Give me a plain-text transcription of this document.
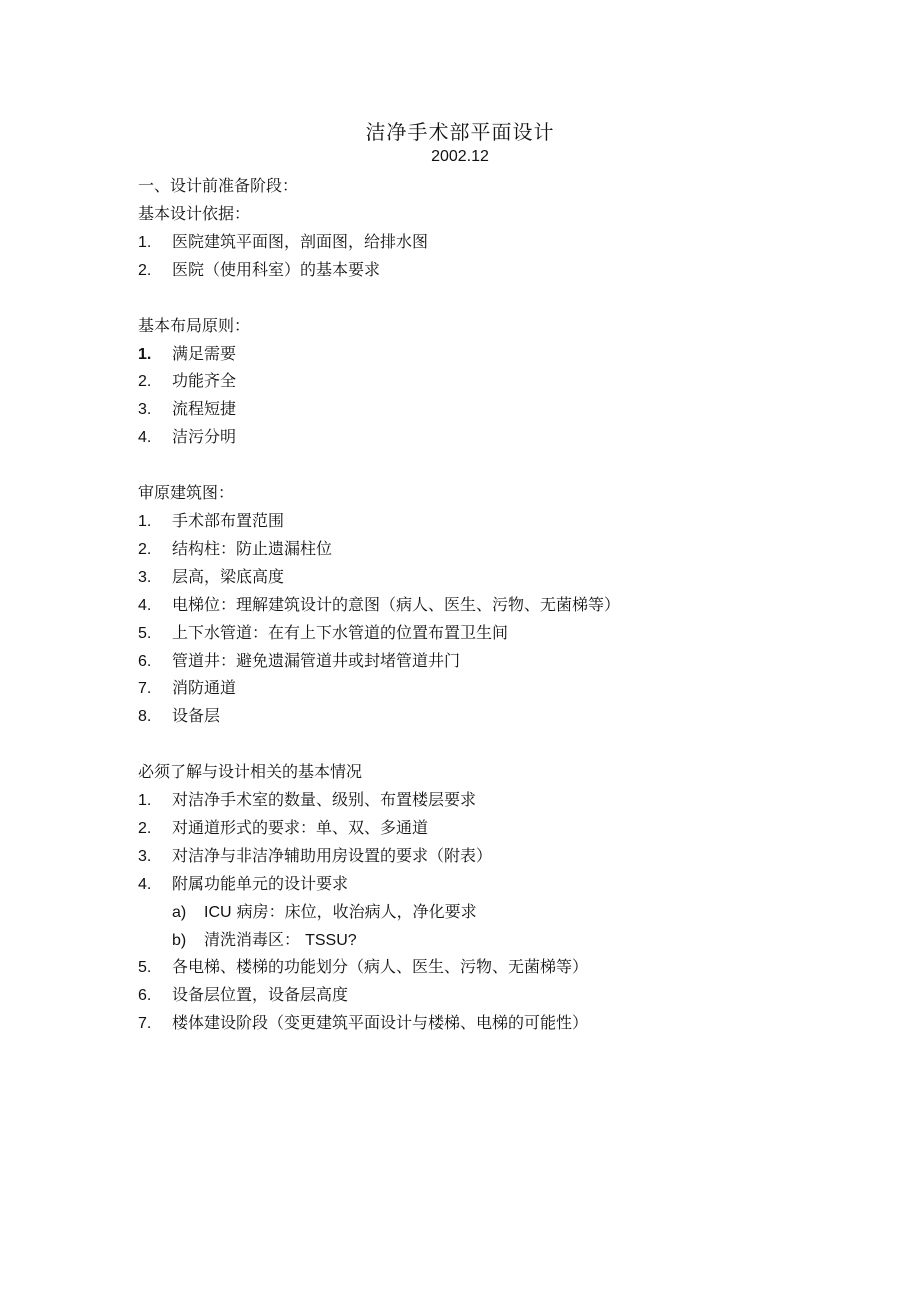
洁净手术部平面设计
2002.12
一、设计前准备阶段：
基本设计依据：
1. 医院建筑平面图，剖面图，给排水图
2. 医院（使用科室）的基本要求
基本布局原则：
1. 满足需要
2. 功能齐全
3. 流程短捷
4. 洁污分明
审原建筑图：
1. 手术部布置范围
2. 结构柱：防止遗漏柱位
3. 层高，梁底高度
4. 电梯位：理解建筑设计的意图（病人、医生、污物、无菌梯等）
5. 上下水管道：在有上下水管道的位置布置卫生间
6. 管道井：避免遗漏管道井或封堵管道井门
7. 消防通道
8. 设备层
必须了解与设计相关的基本情况
1. 对洁净手术室的数量、级别、布置楼层要求
2. 对通道形式的要求：单、双、多通道
3. 对洁净与非洁净辅助用房设置的要求（附表）
4. 附属功能单元的设计要求
a) ICU 病房：床位，收治病人，净化要求
b) 清洗消毒区： TSSU?
5. 各电梯、楼梯的功能划分（病人、医生、污物、无菌梯等）
6. 设备层位置，设备层高度
7. 楼体建设阶段（变更建筑平面设计与楼梯、电梯的可能性）
